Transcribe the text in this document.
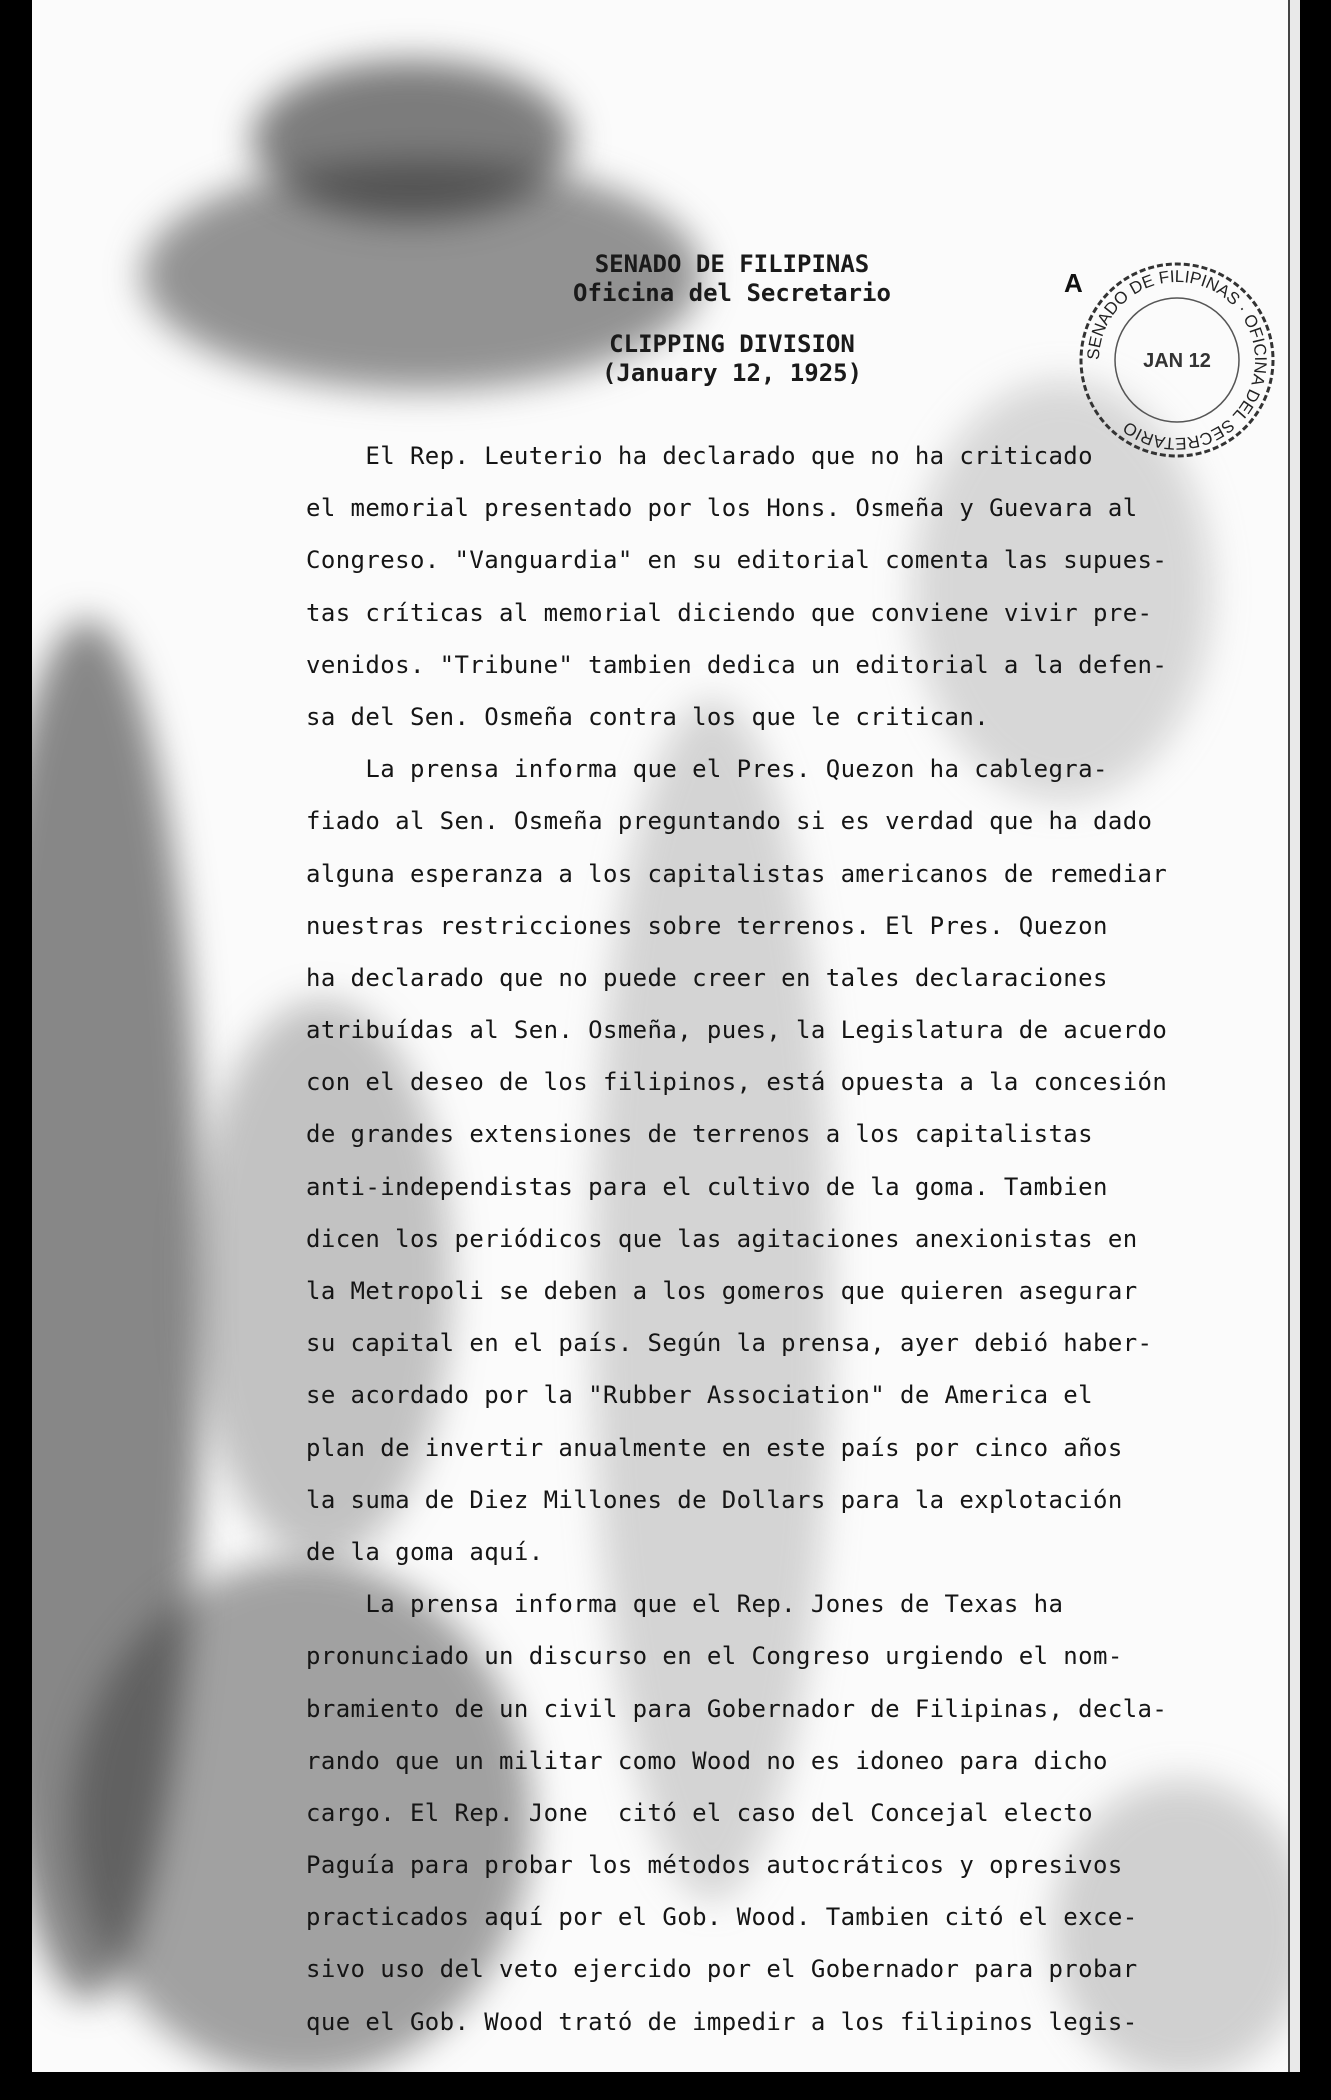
SENADO DE FILIPINAS
Oficina del Secretario
CLIPPING DIVISION
(January 12, 1925)
A
SENADO DE FILIPINAS · OFICINA DEL SECRETARIO
JAN 12
El Rep. Leuterio ha declarado que no ha criticado
el memorial presentado por los Hons. Osmeña y Guevara al
Congreso. "Vanguardia" en su editorial comenta las supues-
tas críticas al memorial diciendo que conviene vivir pre-
venidos. "Tribune" tambien dedica un editorial a la defen-
sa del Sen. Osmeña contra los que le critican.
La prensa informa que el Pres. Quezon ha cablegra-
fiado al Sen. Osmeña preguntando si es verdad que ha dado
alguna esperanza a los capitalistas americanos de remediar
nuestras restricciones sobre terrenos. El Pres. Quezon
ha declarado que no puede creer en tales declaraciones
atribuídas al Sen. Osmeña, pues, la Legislatura de acuerdo
con el deseo de los filipinos, está opuesta a la concesión
de grandes extensiones de terrenos a los capitalistas
anti-independistas para el cultivo de la goma. Tambien
dicen los periódicos que las agitaciones anexionistas en
la Metropoli se deben a los gomeros que quieren asegurar
su capital en el país. Según la prensa, ayer debió haber-
se acordado por la "Rubber Association" de America el
plan de invertir anualmente en este país por cinco años
la suma de Diez Millones de Dollars para la explotación
de la goma aquí.
La prensa informa que el Rep. Jones de Texas ha
pronunciado un discurso en el Congreso urgiendo el nom-
bramiento de un civil para Gobernador de Filipinas, decla-
rando que un militar como Wood no es idoneo para dicho
cargo. El Rep. Jone  citó el caso del Concejal electo
Paguía para probar los métodos autocráticos y opresivos
practicados aquí por el Gob. Wood. Tambien citó el exce-
sivo uso del veto ejercido por el Gobernador para probar
que el Gob. Wood trató de impedir a los filipinos legis-
